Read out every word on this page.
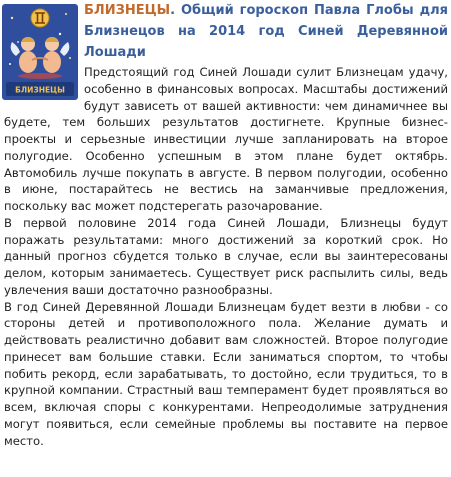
БЛИЗНЕЦЫ
БЛИЗНЕЦЫ. Общий гороскоп Павла Глобы для Близнецов на 2014 год Синей Деревянной Лошади

Предстоящий год Синей Лошади сулит Близнецам удачу, особенно в финансовых вопросах. Масштабы достижений будут зависеть от вашей активности: чем динамичнее вы будете, тем больших результатов достигнете. Крупные бизнес-проекты и серьезные инвестиции лучше запланировать на второе полугодие. Особенно успешным в этом плане будет октябрь. Автомобиль лучше покупать в августе. В первом полугодии, особенно в июне, постарайтесь не вестись на заманчивые предложения, поскольку вас может подстерегать разочарование.

В первой половине 2014 года Синей Лошади, Близнецы будут поражать результатами: много достижений за короткий срок. Но данный прогноз сбудется только в случае, если вы заинтересованы делом, которым занимаетесь. Существует риск распылить силы, ведь увлечения ваши достаточно разнообразны.

В год Синей Деревянной Лошади Близнецам будет везти в любви - со стороны детей и противоположного пола. Желание думать и действовать реалистично добавит вам сложностей. Второе полугодие принесет вам большие ставки. Если заниматься спортом, то чтобы побить рекорд, если зарабатывать, то достойно, если трудиться, то в крупной компании. Страстный ваш темперамент будет проявляться во всем, включая споры с конкурентами. Непреодолимые затруднения могут появиться, если семейные проблемы вы поставите на первое место.
